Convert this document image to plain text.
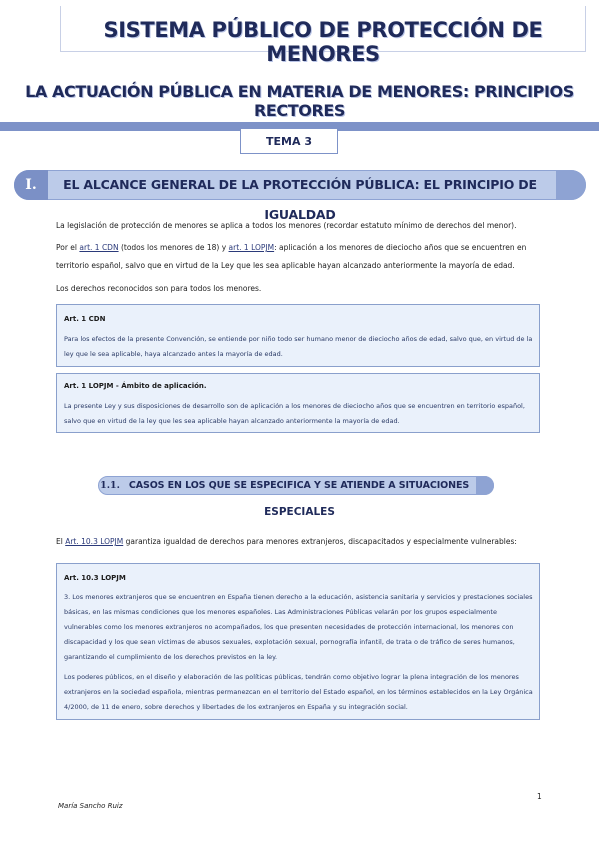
SISTEMA PÚBLICO DE PROTECCIÓN DE MENORES
LA ACTUACIÓN PÚBLICA EN MATERIA DE MENORES: PRINCIPIOS RECTORES
TEMA 3
I.	EL ALCANCE GENERAL DE LA PROTECCIÓN PÚBLICA: EL PRINCIPIO DE IGUALDAD
La legislación de protección de menores se aplica a todos los menores (recordar estatuto mínimo de derechos del menor).
Por el art. 1 CDN (todos los menores de 18) y art. 1 LOPJM: aplicación a los menores de dieciocho años que se encuentren en
territorio español, salvo que en virtud de la Ley que les sea aplicable hayan alcanzado anteriormente la mayoría de edad.
Los derechos reconocidos son para todos los menores.
Art. 1 CDN
Para los efectos de la presente Convención, se entiende por niño todo ser humano menor de dieciocho años de edad, salvo que, en virtud de la ley que le sea aplicable, haya alcanzado antes la mayoría de edad.
Art. 1 LOPJM - Ámbito de aplicación.
La presente Ley y sus disposiciones de desarrollo son de aplicación a los menores de dieciocho años que se encuentren en territorio español, salvo que en virtud de la ley que les sea aplicable hayan alcanzado anteriormente la mayoría de edad.
1.1. CASOS EN LOS QUE SE ESPECIFICA Y SE ATIENDE A SITUACIONES
ESPECIALES
El Art. 10.3 LOPJM garantiza igualdad de derechos para menores extranjeros, discapacitados y especialmente vulnerables:
Art. 10.3 LOPJM
3. Los menores extranjeros que se encuentren en España tienen derecho a la educación, asistencia sanitaria y servicios y prestaciones sociales básicas, en las mismas condiciones que los menores españoles. Las Administraciones Públicas velarán por los grupos especialmente vulnerables como los menores extranjeros no acompañados, los que presenten necesidades de protección internacional, los menores con discapacidad y los que sean víctimas de abusos sexuales, explotación sexual, pornografía infantil, de trata o de tráfico de seres humanos, garantizando el cumplimiento de los derechos previstos en la ley.
Los poderes públicos, en el diseño y elaboración de las políticas públicas, tendrán como objetivo lograr la plena integración de los menores extranjeros en la sociedad española, mientras permanezcan en el territorio del Estado español, en los términos establecidos en la Ley Orgánica 4/2000, de 11 de enero, sobre derechos y libertades de los extranjeros en España y su integración social.
1
María Sancho Ruiz
